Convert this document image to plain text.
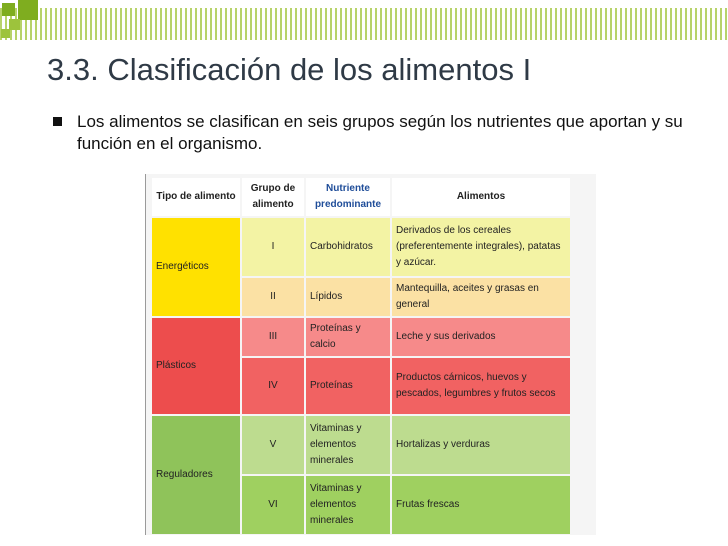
3.3. Clasificación de los alimentos I

Los alimentos se clasifican en seis grupos según los nutrientes que aportan y su función en el organismo.

Tipo de alimento	Grupo de alimento	Nutriente predominante	Alimentos
Energéticos	I	Carbohidratos	Derivados de los cereales (preferentemente integrales), patatas y azúcar.
	II	Lípidos	Mantequilla, aceites y grasas en general
Plásticos	III	Proteínas y calcio	Leche y sus derivados
	IV	Proteínas	Productos cárnicos, huevos y pescados, legumbres y frutos secos
Reguladores	V	Vitaminas y elementos minerales	Hortalizas y verduras
	VI	Vitaminas y elementos minerales	Frutas frescas
